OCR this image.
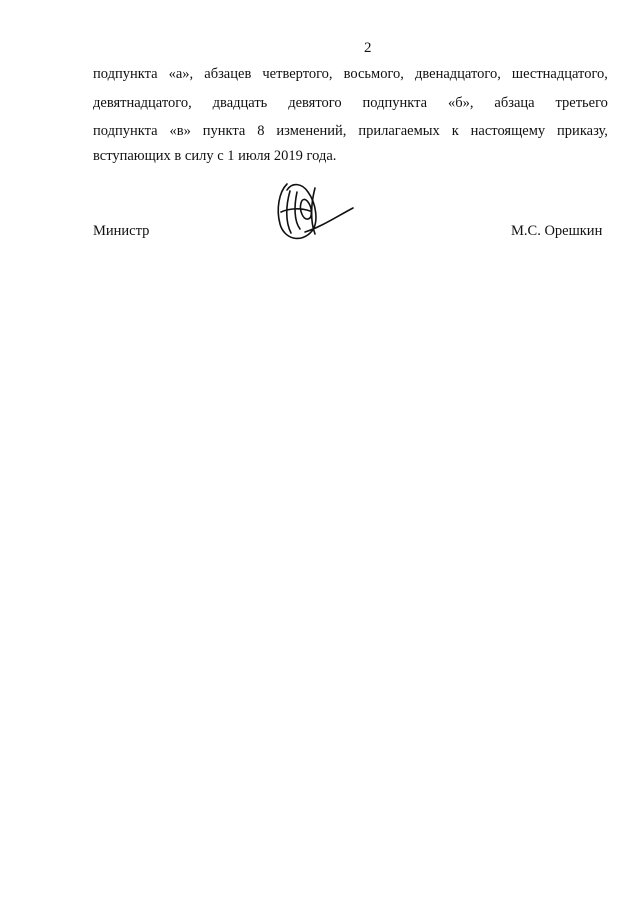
2
подпункта «а», абзацев четвертого, восьмого, двенадцатого, шестнадцатого,
девятнадцатого, двадцать девятого подпункта «б», абзаца третьего
подпункта «в» пункта 8 изменений, прилагаемых к настоящему приказу,
вступающих в силу с 1 июля 2019 года.
Министр	М.С. Орешкин
